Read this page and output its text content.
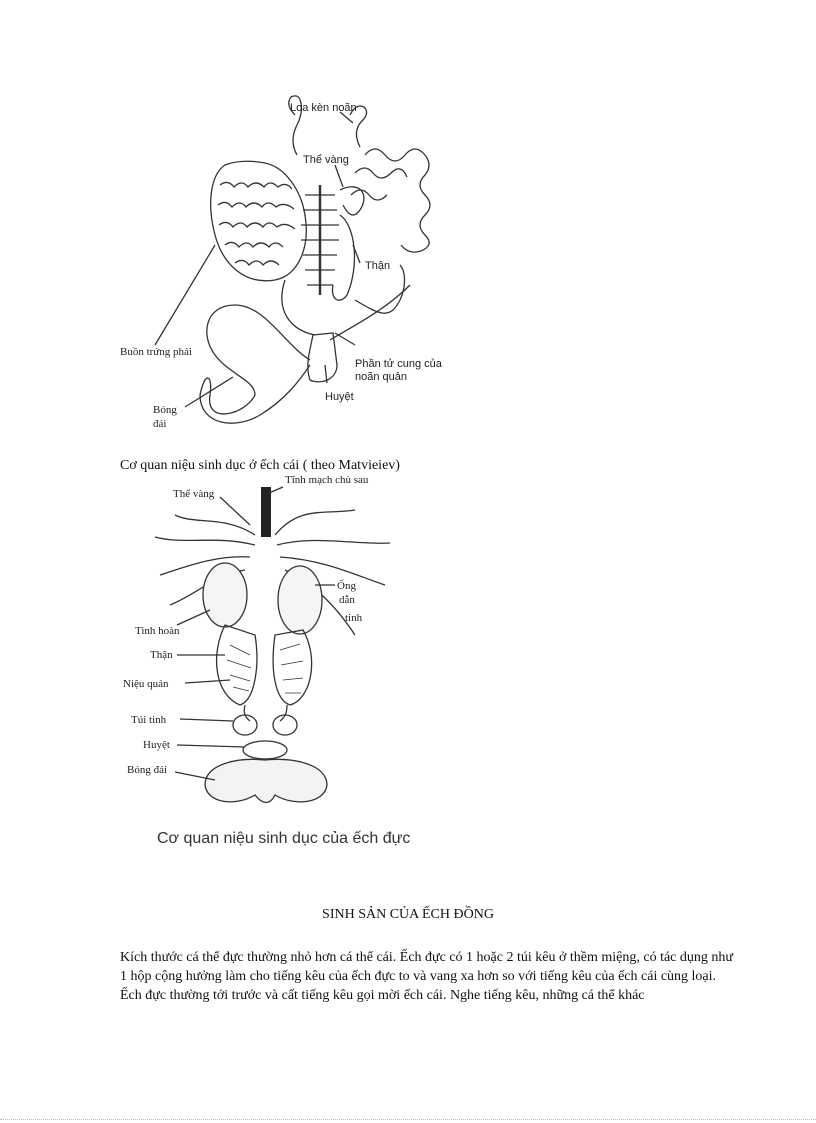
Loa kèn noãn
Thể vàng
Thận
Buồn trứng phải
Phần tử cung của
noãn quản
Huyệt
Bóng
đái
Cơ quan niệu sinh dục ở ếch cái ( theo Matvieiev)
Tĩnh mạch chủ sau
Thể vàng
Ống
dẫn
tinh
Tinh hoàn
Thận
Niệu quản
Túi tinh
Huyệt
Bóng đái
Cơ quan niệu sinh dục của ếch đực
SINH SẢN CỦA ẾCH ĐỒNG

Kích thước cá thể đực thường nhỏ hơn cá thể cái. Ếch đực có 1 hoặc 2 túi kêu ở thềm miệng, có tác dụng như 1 hộp cộng hưởng làm cho tiếng kêu của ếch đực to và vang xa hơn so với tiếng kêu của ếch cái cùng loại.

Ếch đực thường tới trước và cất tiếng kêu gọi mời ếch cái. Nghe tiếng kêu, những cá thể khác
